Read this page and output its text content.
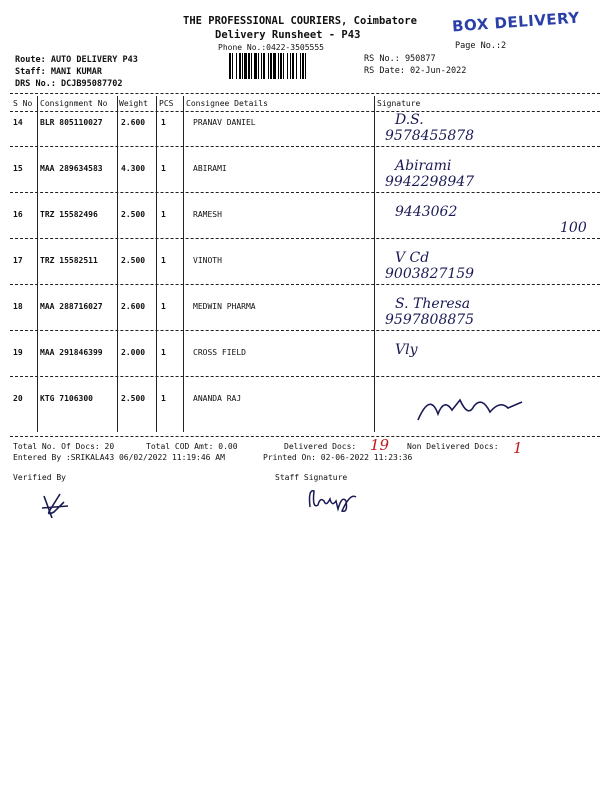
THE PROFESSIONAL COURIERS, Coimbatore
Delivery Runsheet - P43
Phone No.:0422-3505555
BOX DELIVERY
Page No.:2
Route: AUTO DELIVERY P43
Staff: MANI KUMAR
DRS No.: DCJB95087702
RS No.: 950877
RS Date: 02-Jun-2022
S No Consignment No Weight PCS Consignee Details	Signature
14 BLR 805110027 2.600 1	PRANAV DANIEL	D.S.
9578455878
15 MAA 289634583 4.300 1	ABIRAMI	Abirami
9942298947
16 TRZ 15582496	2.500 1	RAMESH	9443062
100
17 TRZ 15582511	2.500 1	VINOTH	V Cd
9003827159
18 MAA 288716027 2.600 1	MEDWIN PHARMA	S. Theresa
9597808875
19 MAA 291846399 2.000 1	CROSS FIELD	Vly
20 KTG 7106300	2.500 1	ANANDA RAJ
Total No. Of Docs: 20	Total COD Amt: 0.00	Delivered Docs: 19 Non Delivered Docs: 1
Entered By :SRIKALA43 06/02/2022 11:19:46 AM	Printed On: 02-06-2022 11:23:36
Verified By	Staff Signature
